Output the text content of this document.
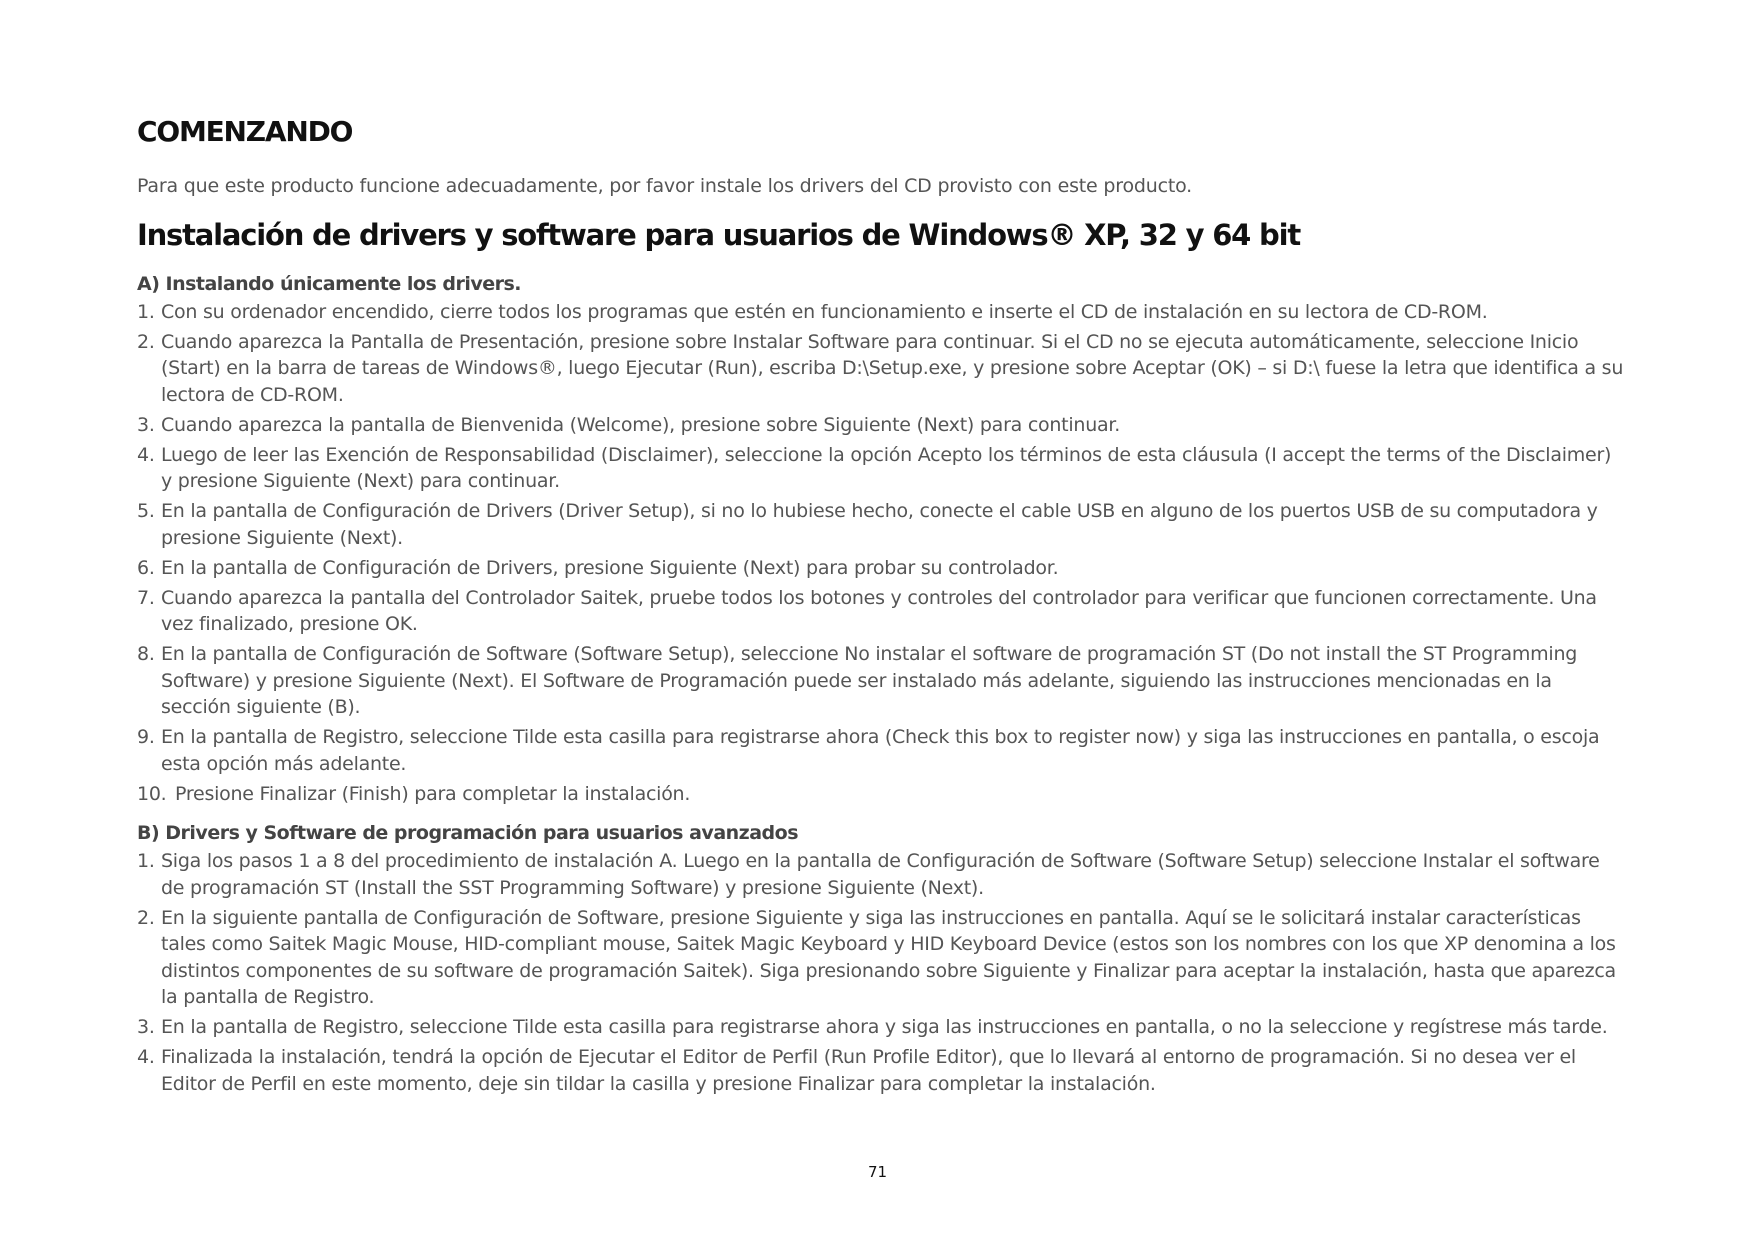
COMENZANDO

Para que este producto funcione adecuadamente, por favor instale los drivers del CD provisto con este producto.

Instalación de drivers y software para usuarios de Windows® XP, 32 y 64 bit
A) Instalando únicamente los drivers.
1. Con su ordenador encendido, cierre todos los programas que estén en funcionamiento e inserte el CD de instalación en su lectora de CD-ROM.
2. Cuando aparezca la Pantalla de Presentación, presione sobre Instalar Software para continuar. Si el CD no se ejecuta automáticamente, seleccione Inicio (Start) en la barra de tareas de Windows®, luego Ejecutar (Run), escriba D:\Setup.exe, y presione sobre Aceptar (OK) – si D:\ fuese la letra que identifica a su lectora de CD-ROM.
3. Cuando aparezca la pantalla de Bienvenida (Welcome), presione sobre Siguiente (Next) para continuar.
4. Luego de leer las Exención de Responsabilidad (Disclaimer), seleccione la opción Acepto los términos de esta cláusula (I accept the terms of the Disclaimer) y presione Siguiente (Next) para continuar.
5. En la pantalla de Configuración de Drivers (Driver Setup), si no lo hubiese hecho, conecte el cable USB en alguno de los puertos USB de su computadora y presione Siguiente (Next).
6. En la pantalla de Configuración de Drivers, presione Siguiente (Next) para probar su controlador.
7. Cuando aparezca la pantalla del Controlador Saitek, pruebe todos los botones y controles del controlador para verificar que funcionen correctamente. Una vez finalizado, presione OK.
8. En la pantalla de Configuración de Software (Software Setup), seleccione No instalar el software de programación ST (Do not install the ST Programming Software) y presione Siguiente (Next). El Software de Programación puede ser instalado más adelante, siguiendo las instrucciones mencionadas en la sección siguiente (B).
9. En la pantalla de Registro, seleccione Tilde esta casilla para registrarse ahora (Check this box to register now) y siga las instrucciones en pantalla, o escoja esta opción más adelante.
10. Presione Finalizar (Finish) para completar la instalación.
B) Drivers y Software de programación para usuarios avanzados
1. Siga los pasos 1 a 8 del procedimiento de instalación A. Luego en la pantalla de Configuración de Software (Software Setup) seleccione Instalar el software de programación ST (Install the SST Programming Software) y presione Siguiente (Next).
2. En la siguiente pantalla de Configuración de Software, presione Siguiente y siga las instrucciones en pantalla. Aquí se le solicitará instalar características tales como Saitek Magic Mouse, HID-compliant mouse, Saitek Magic Keyboard y HID Keyboard Device (estos son los nombres con los que XP denomina a los distintos componentes de su software de programación Saitek). Siga presionando sobre Siguiente y Finalizar para aceptar la instalación, hasta que aparezca la pantalla de Registro.
3. En la pantalla de Registro, seleccione Tilde esta casilla para registrarse ahora y siga las instrucciones en pantalla, o no la seleccione y regístrese más tarde.
4. Finalizada la instalación, tendrá la opción de Ejecutar el Editor de Perfil (Run Profile Editor), que lo llevará al entorno de programación. Si no desea ver el Editor de Perfil en este momento, deje sin tildar la casilla y presione Finalizar para completar la instalación.
71
